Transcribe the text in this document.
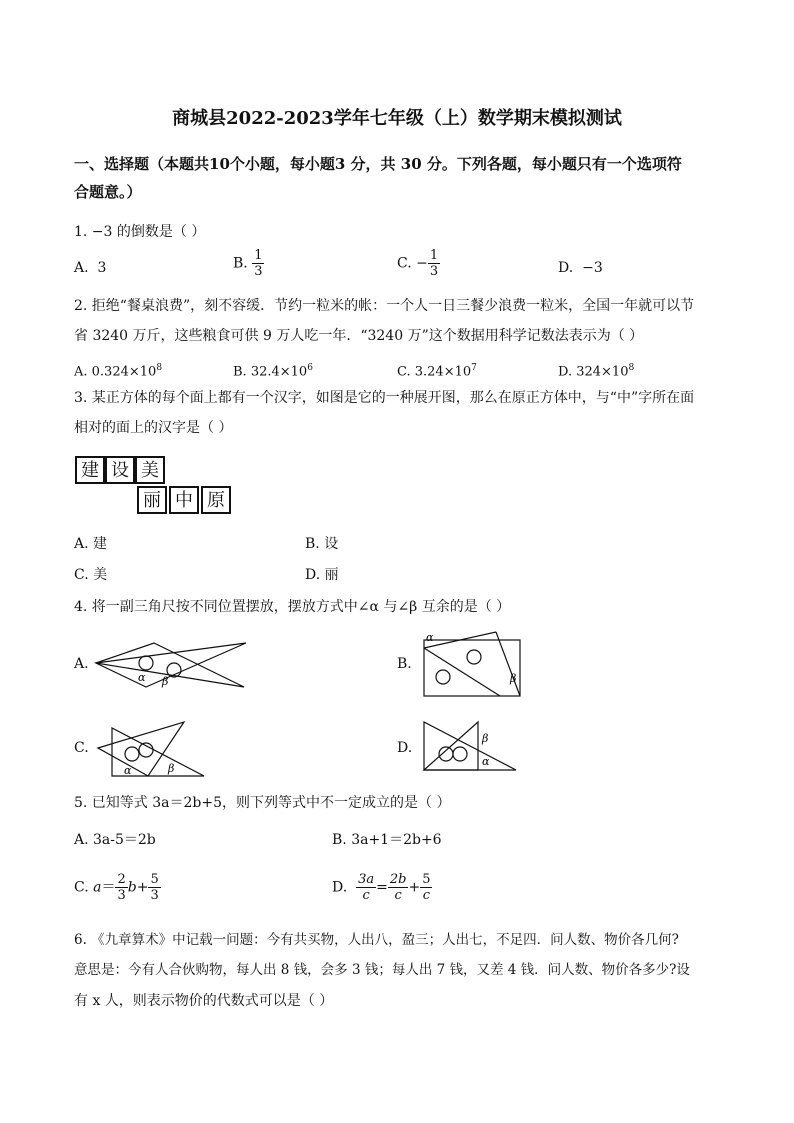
商城县2022-2023学年七年级（上）数学期末模拟测试
一、选择题（本题共10个小题，每小题3 分，共 30 分。下列各题，每小题只有一个选项符
合题意。）
1. −3 的倒数是（ ）
A. 3	B. $\frac{1}{3}$	C. − $\frac{1}{3}$	D. −3
2. 拒绝“餐桌浪费”，刻不容缓．节约一粒米的帐：一个人一日三餐少浪费一粒米，全国一年就可以节
省 3240 万斤，这些粮食可供 9 万人吃一年．“3240 万”这个数据用科学记数法表示为（ ）
A. $0.324\times 10^8$	B. $32.4\times 10^6$	C. $3.24\times 10^7$	D. $324\times 10^8$
3. 某正方体的每个面上都有一个汉字，如图是它的一种展开图，那么在原正方体中，与“中”字所在面
相对的面上的汉字是（ ）
建 设 美
丽 中 原
A. 建	B. 设
C. 美	D. 丽
4. 将一副三角尺按不同位置摆放，摆放方式中∠α 与∠β 互余的是（ ）
A.	B.
C.	D.
α β
α
β
α	β
β
α
5. 已知等式 3a＝2b+5，则下列等式中不一定成立的是（ ）
A. 3a-5＝2b	B. 3a+1＝2b+6
C. $a= \frac{2}{3} b+ \frac{5}{3}$	D. $\frac{3a}{c} = \frac{2b}{c} + \frac{5}{c}$
6. 《九章算术》中记载一问题：今有共买物，人出八，盈三；人出七，不足四．问人数、物价各几何?
意思是：今有人合伙购物，每人出 8 钱，会多 3 钱；每人出 7 钱，又差 4 钱．问人数、物价各多少?设
有 x 人，则表示物价的代数式可以是（ ）
